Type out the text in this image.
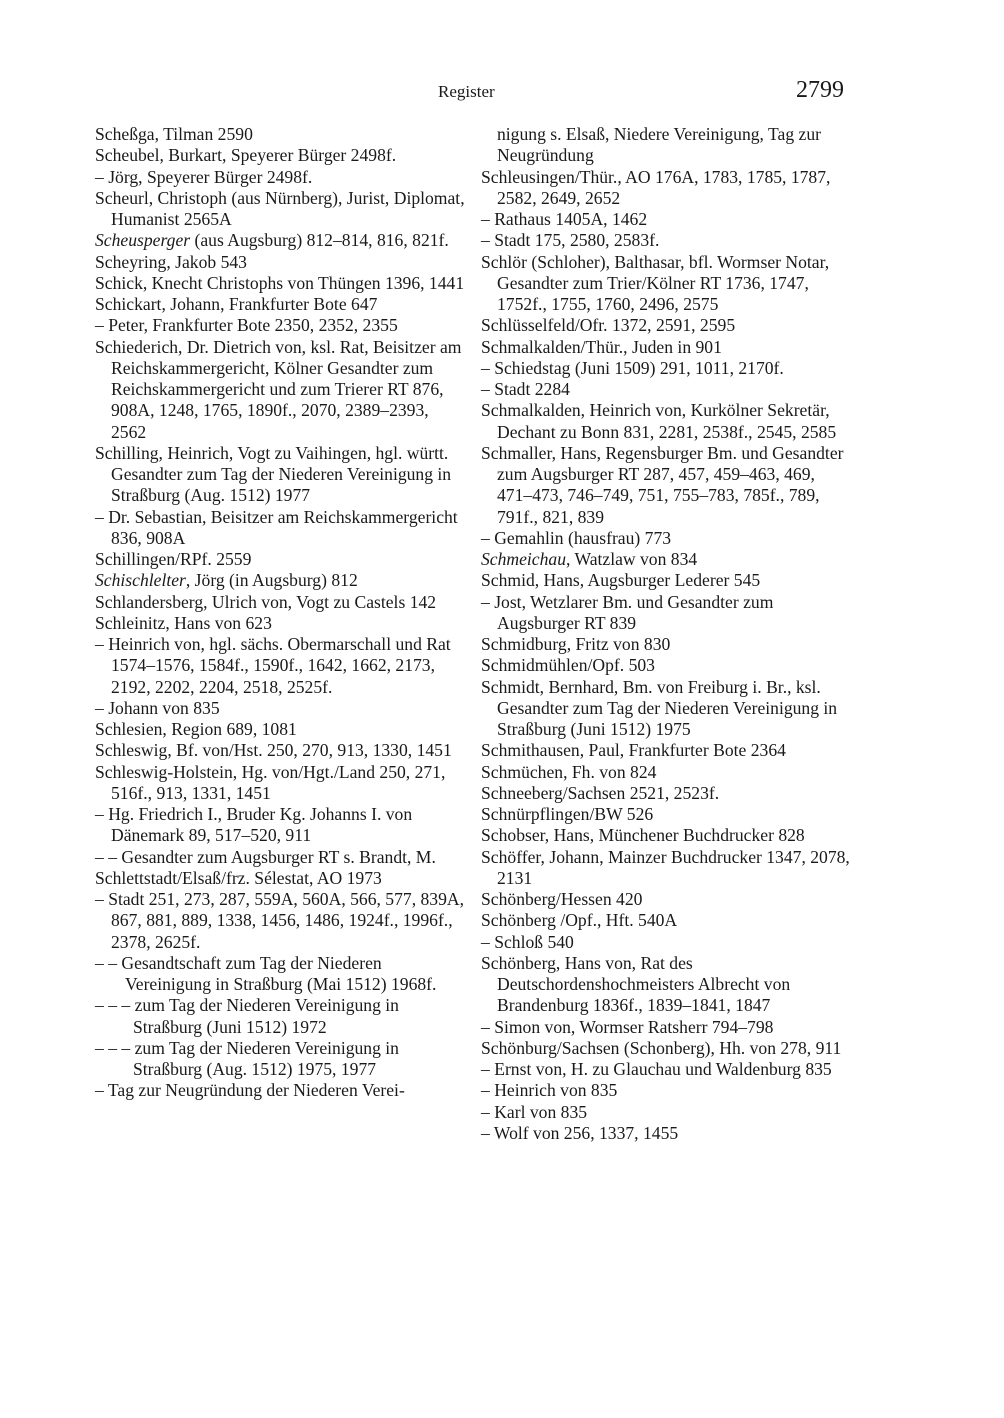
Register	2799

Scheßga, Tilman 2590

Scheubel, Burkart, Speyerer Bürger 2498f.

– Jörg, Speyerer Bürger 2498f.

Scheurl, Christoph (aus Nürnberg), Jurist, Diplomat, Humanist 2565A

Scheusperger (aus Augsburg) 812–814, 816, 821f.

Scheyring, Jakob 543

Schick, Knecht Christophs von Thüngen 1396, 1441

Schickart, Johann, Frankfurter Bote 647

– Peter, Frankfurter Bote 2350, 2352, 2355

Schiederich, Dr. Dietrich von, ksl. Rat, Beisitzer am Reichskammergericht, Kölner Gesandter zum Reichskammergericht und zum Trierer RT 876, 908A, 1248, 1765, 1890f., 2070, 2389–2393, 2562

Schilling, Heinrich, Vogt zu Vaihingen, hgl. württ. Gesandter zum Tag der Niederen Vereinigung in Straßburg (Aug. 1512) 1977

– Dr. Sebastian, Beisitzer am Reichskammergericht 836, 908A

Schillingen/RPf. 2559

Schischlelter, Jörg (in Augsburg) 812

Schlandersberg, Ulrich von, Vogt zu Castels 142

Schleinitz, Hans von 623

– Heinrich von, hgl. sächs. Obermarschall und Rat 1574–1576, 1584f., 1590f., 1642, 1662, 2173, 2192, 2202, 2204, 2518, 2525f.

– Johann von 835

Schlesien, Region 689, 1081

Schleswig, Bf. von/Hst. 250, 270, 913, 1330, 1451

Schleswig-Holstein, Hg. von/Hgt./Land 250, 271, 516f., 913, 1331, 1451

– Hg. Friedrich I., Bruder Kg. Johanns I. von Dänemark 89, 517–520, 911

– – Gesandter zum Augsburger RT s. Brandt, M.

Schlettstadt/Elsaß/frz. Sélestat, AO 1973

– Stadt 251, 273, 287, 559A, 560A, 566, 577, 839A, 867, 881, 889, 1338, 1456, 1486, 1924f., 1996f., 2378, 2625f.

– – Gesandtschaft zum Tag der Niederen Vereinigung in Straßburg (Mai 1512) 1968f.

– – – zum Tag der Niederen Vereinigung in Straßburg (Juni 1512) 1972

– – – zum Tag der Niederen Vereinigung in Straßburg (Aug. 1512) 1975, 1977

– Tag zur Neugründung der Niederen Verei-

nigung s. Elsaß, Niedere Vereinigung, Tag zur Neugründung

Schleusingen/Thür., AO 176A, 1783, 1785, 1787, 2582, 2649, 2652

– Rathaus 1405A, 1462

– Stadt 175, 2580, 2583f.

Schlör (Schloher), Balthasar, bfl. Wormser Notar, Gesandter zum Trier/Kölner RT 1736, 1747, 1752f., 1755, 1760, 2496, 2575

Schlüsselfeld/Ofr. 1372, 2591, 2595

Schmalkalden/Thür., Juden in 901

– Schiedstag (Juni 1509) 291, 1011, 2170f.

– Stadt 2284

Schmalkalden, Heinrich von, Kurkölner Sekretär, Dechant zu Bonn 831, 2281, 2538f., 2545, 2585

Schmaller, Hans, Regensburger Bm. und Gesandter zum Augsburger RT 287, 457, 459–463, 469, 471–473, 746–749, 751, 755–783, 785f., 789, 791f., 821, 839

– Gemahlin (hausfrau) 773

Schmeichau, Watzlaw von 834

Schmid, Hans, Augsburger Lederer 545

– Jost, Wetzlarer Bm. und Gesandter zum Augsburger RT 839

Schmidburg, Fritz von 830

Schmidmühlen/Opf. 503

Schmidt, Bernhard, Bm. von Freiburg i. Br., ksl. Gesandter zum Tag der Niederen Vereinigung in Straßburg (Juni 1512) 1975

Schmithausen, Paul, Frankfurter Bote 2364

Schmüchen, Fh. von 824

Schneeberg/Sachsen 2521, 2523f.

Schnürpflingen/BW 526

Schobser, Hans, Münchener Buchdrucker 828

Schöffer, Johann, Mainzer Buchdrucker 1347, 2078, 2131

Schönberg/Hessen 420

Schönberg /Opf., Hft. 540A

– Schloß 540

Schönberg, Hans von, Rat des Deutschordenshochmeisters Albrecht von Brandenburg 1836f., 1839–1841, 1847

– Simon von, Wormser Ratsherr 794–798

Schönburg/Sachsen (Schonberg), Hh. von 278, 911

– Ernst von, H. zu Glauchau und Waldenburg 835

– Heinrich von 835

– Karl von 835

– Wolf von 256, 1337, 1455
